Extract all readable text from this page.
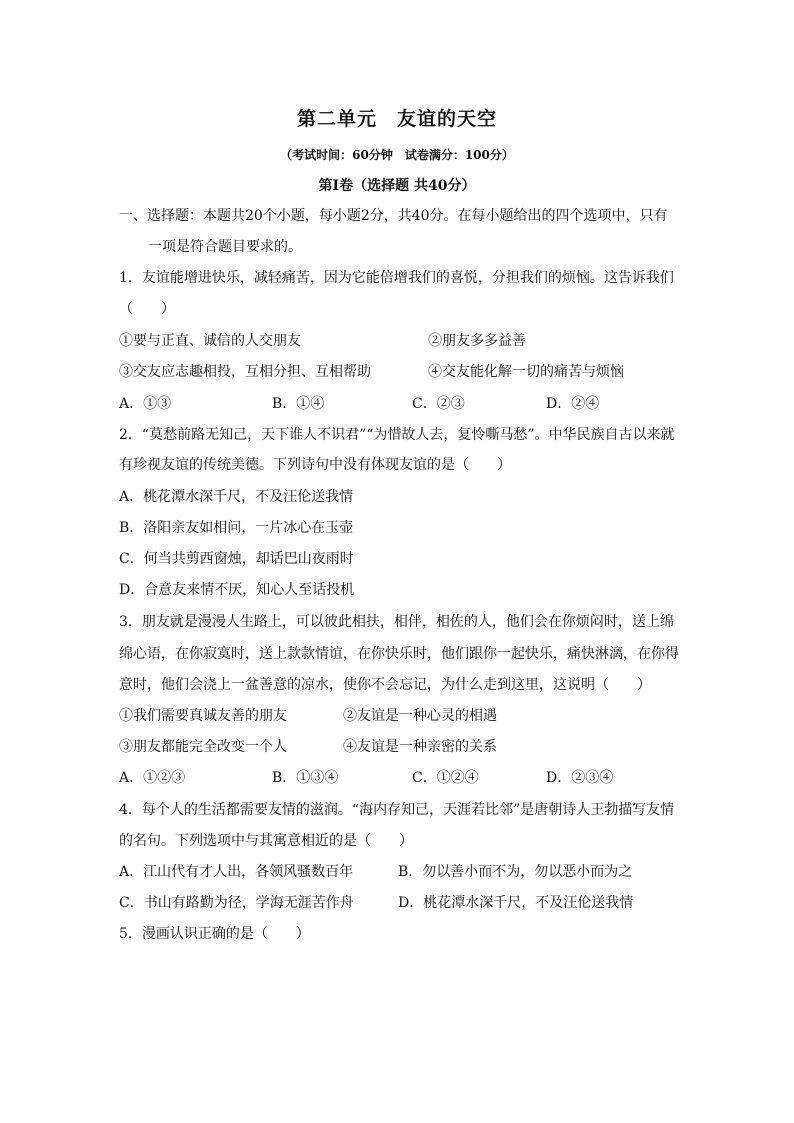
第二单元　友谊的天空
（考试时间：60分钟　试卷满分：100分）
第Ⅰ卷（选择题 共40分）
一、选择题：本题共20个小题，每小题2分，共40分。在每小题给出的四个选项中，只有
一项是符合题目要求的。
1．友谊能增进快乐，减轻痛苦，因为它能倍增我们的喜悦，分担我们的烦恼。这告诉我们
（　　）
①要与正直、诚信的人交朋友	②朋友多多益善
③交友应志趣相投，互相分担、互相帮助	④交友能化解一切的痛苦与烦恼
A．①③	B．①④	C．②③	D．②④
2．“莫愁前路无知己，天下谁人不识君”“为惜故人去，复怜嘶马愁”。中华民族自古以来就
有珍视友谊的传统美德。下列诗句中没有体现友谊的是（　　）
A．桃花潭水深千尺，不及汪伦送我情
B．洛阳亲友如相问，一片冰心在玉壶
C．何当共剪西窗烛，却话巴山夜雨时
D．合意友来情不厌，知心人至话投机
3．朋友就是漫漫人生路上，可以彼此相扶，相伴，相佐的人，他们会在你烦闷时，送上绵
绵心语，在你寂寞时，送上款款情谊，在你快乐时，他们跟你一起快乐，痛快淋漓，在你得
意时，他们会浇上一盆善意的凉水，使你不会忘记，为什么走到这里，这说明（　　）
①我们需要真诚友善的朋友	②友谊是一种心灵的相遇
③朋友都能完全改变一个人	④友谊是一种亲密的关系
A．①②③	B．①③④	C．①②④	D．②③④
4．每个人的生活都需要友情的滋润。“海内存知己，天涯若比邻”是唐朝诗人王勃描写友情
的名句。下列选项中与其寓意相近的是（　　）
A．江山代有才人出，各领风骚数百年	B．勿以善小而不为，勿以恶小而为之
C．书山有路勤为径，学海无涯苦作舟	D．桃花潭水深千尺，不及汪伦送我情
5．漫画认识正确的是（　　）
